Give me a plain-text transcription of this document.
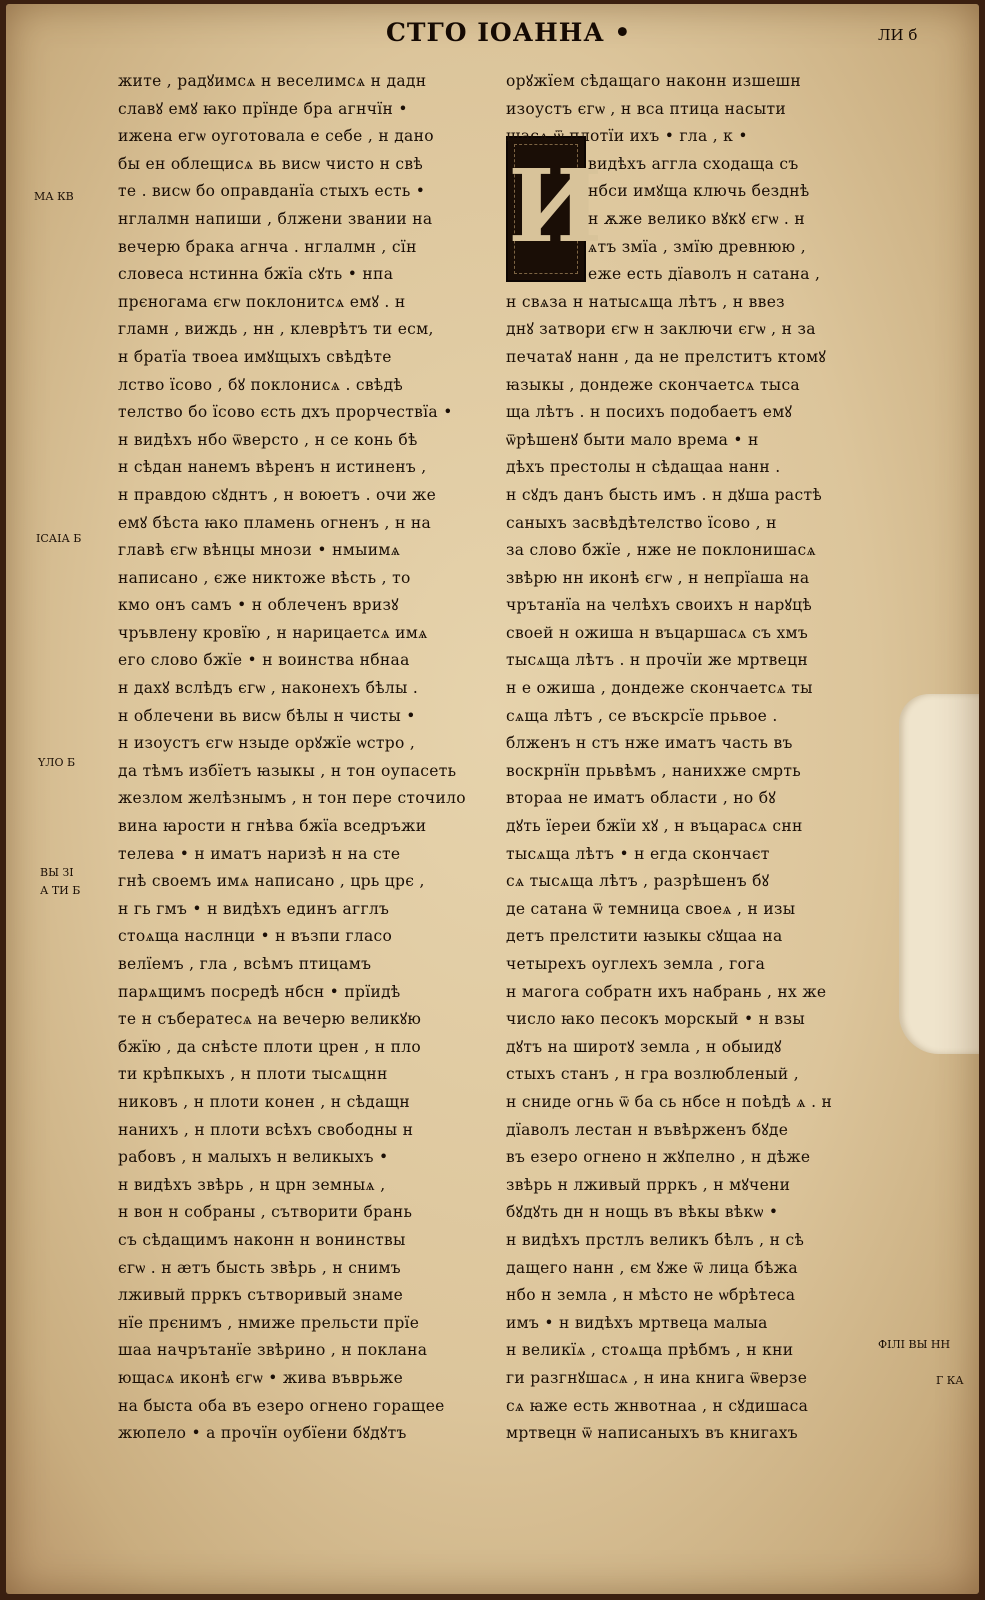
СТГО ІОАННА •	ЛИ б
МА КВ
ІСАІА Б
ҮЛО Б
ВЫ ЗІ
А ТИ Б
ФІЛІ ВЫ НН
Г КА
И
жите , радꙋимсѧ н веселимсѧ н дадн
славꙋ емꙋ ꙗко прїнде бра агнчїн •
ижена егѡ оуготовала е себе , н дано
бы ен облещисѧ вь висѡ чисто н свѣ
те . висѡ бо оправданїа стыхъ есть •
нглалмн напиши , блжени звании на
вечерю брака агнча . нглалмн , сїн
словеса нстинна бжїа сꙋть • нпа
прєногама єгѡ поклонитсѧ емꙋ . н
гламн , виждь , нн , клеврѣтъ ти есм,
н братїа твоеа имꙋщыхъ свѣдѣте
лство їсово , бꙋ поклонисѧ . свѣдѣ
телство бо їсово єсть дхъ прорчествїа •
н видѣхъ нбо ѿверсто , н се конь бѣ
н сѣдан нанемъ вѣренъ н истиненъ ,
н правдою сꙋднтъ , н воюетъ . очи же
емꙋ бѣста ꙗко пламень огненъ , н на
главѣ єгѡ вѣнцы мнози • нмыимѧ
написано , єже никтоже вѣсть , то
кмо онъ самъ • н облеченъ вризꙋ
чръвлену кровїю , н нарицаетсѧ имѧ
его слово бжїе • н воинства нбнаа
н дахꙋ вслѣдъ єгѡ , наконехъ бѣлы .
н облечени вь висѡ бѣлы н чисты •
н изоустъ єгѡ нзыде орꙋжїе ѡстро ,
да тѣмъ избїетъ ꙗзыкы , н тон оупасеть
жезлом желѣзнымъ , н тон пере сточило
вина ꙗрости н гнѣва бжїа вседръжи
телева • н иматъ наризѣ н на сте
гнѣ своемъ имѧ написано , црь црє ,
н гь гмъ • н видѣхъ единъ агглъ
стоѧща наслнци • н възпи гласо
велїемъ , гла , всѣмъ птицамъ
парѧщимъ посредѣ нбсн • прїидѣ
те н събератесѧ на вечерю великꙋю
бжїю , да снѣсте плоти црен , н пло
ти крѣпкыхъ , н плоти тысѧщнн
никовъ , н плоти конен , н сѣдащн
нанихъ , н плоти всѣхъ свободны н
рабовъ , н малыхъ н великыхъ •
н видѣхъ звѣрь , н црн земныѧ ,
н вон н собраны , сътворити брань
съ сѣдащимъ наконн н вонинствы
єгѡ . н ӕтъ бысть звѣрь , н снимъ
лживый прркъ сътворивый знаме
нїе прєнимъ , нмиже прельсти прїе
шаа начрътанїе звѣрино , н поклана
ющасѧ иконѣ єгѡ • жива въврьже
на быста оба въ езеро огнено горащее
жюпело • а прочїн оубїени бꙋдꙋтъ
орꙋжїем сѣдащаго наконн изшешн
изоустъ єгѡ , н вса птица насыти
шасѧ ѿ плотїи ихъ • гла , к •
видѣхъ аггла сходаща съ
нбси имꙋща ключь безднѣ
н ѫже велико вꙋкꙋ єгѡ . н
ѧтъ змїа , змїю древнюю ,
еже есть дїаволъ н сатана ,
н свѧза н натысѧща лѣтъ , н ввез
днꙋ затвори єгѡ н заключи єгѡ , н за
печатаꙋ нанн , да не прелститъ ктомꙋ
ꙗзыкы , дондеже скончаетсѧ тыса
ща лѣтъ . н посихъ подобаетъ емꙋ
ѿрѣшенꙋ быти мало врема • н
дѣхъ престолы н сѣдащаа нанн .
н сꙋдъ данъ бысть имъ . н дꙋша растѣ
саныхъ засвѣдѣтелство їсово , н
за слово бжїе , нже не поклонишасѧ
звѣрю нн иконѣ єгѡ , н непрїаша на
чрътанїа на челѣхъ своихъ н нарꙋцѣ
своей н ожиша н въцаршасѧ съ хмъ
тысѧща лѣтъ . н прочїи же мртвецн
н е ожиша , дондеже скончаетсѧ ты
сѧща лѣтъ , се въскрсїе прьвое .
блженъ н стъ нже иматъ часть въ
воскрнїн прьвѣмъ , нанихже смрть
втораа не иматъ области , но бꙋ
дꙋть їереи бжїи хꙋ , н въцарасѧ снн
тысѧща лѣтъ • н егда скончаєт
сѧ тысѧща лѣтъ , разрѣшенъ бꙋ
де сатана ѿ темница своеѧ , н изы
детъ прелстити ꙗзыкы сꙋщаа на
четырехъ оуглехъ земла , гога
н магога собратн ихъ набрань , нх же
число ꙗко песокъ морскый • н взы
дꙋтъ на широтꙋ земла , н обыидꙋ
стыхъ станъ , н гра возлюбленый ,
н сниде огнь ѿ ба сь нбсе н поѣдѣ ѧ . н
дїаволъ лестан н въвѣрженъ бꙋде
въ езеро огнено н жꙋпелно , н дѣже
звѣрь н лживый прркъ , н мꙋчени
бꙋдꙋть дн н нощь въ вѣкы вѣкѡ •
н видѣхъ прстлъ великъ бѣлъ , н сѣ
дащего нанн , єм ꙋже ѿ лица бѣжа
нбо н земла , н мѣсто не ѡбрѣтеса
имъ • н видѣхъ мртвеца малыа
н великїѧ , стоѧща прѣбмъ , н кни
ги разгнꙋшасѧ , н ина книга ѿверзе
сѧ ꙗже есть жнвотнаа , н сꙋдишаса
мртвецн ѿ написаныхъ въ книгахъ
